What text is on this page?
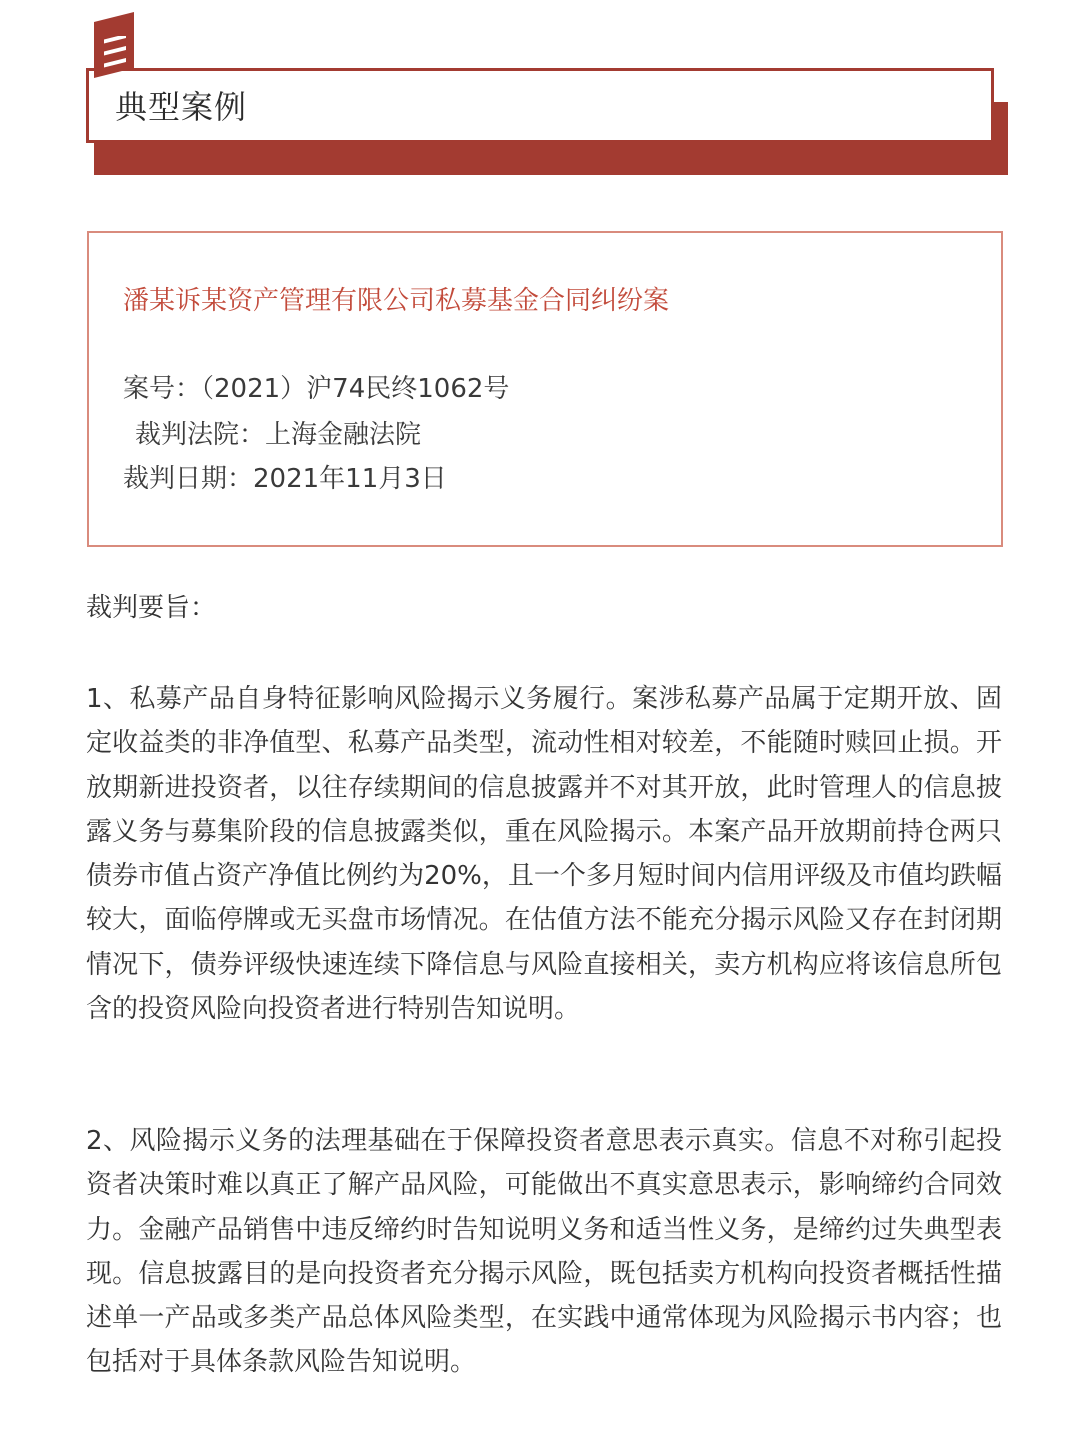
典型案例
潘某诉某资产管理有限公司私募基金合同纠纷案
案号：（2021）沪74民终1062号
裁判法院：上海金融法院
裁判日期：2021年11月3日
裁判要旨：

1、私募产品自身特征影响风险揭示义务履行。案涉私募产品属于定期开放、固定收益类的非净值型、私募产品类型，流动性相对较差，不能随时赎回止损。开放期新进投资者，以往存续期间的信息披露并不对其开放，此时管理人的信息披露义务与募集阶段的信息披露类似，重在风险揭示。本案产品开放期前持仓两只债券市值占资产净值比例约为20%，且一个多月短时间内信用评级及市值均跌幅较大，面临停牌或无买盘市场情况。在估值方法不能充分揭示风险又存在封闭期情况下，债券评级快速连续下降信息与风险直接相关，卖方机构应将该信息所包含的投资风险向投资者进行特别告知说明。

2、风险揭示义务的法理基础在于保障投资者意思表示真实。信息不对称引起投资者决策时难以真正了解产品风险，可能做出不真实意思表示，影响缔约合同效力。金融产品销售中违反缔约时告知说明义务和适当性义务，是缔约过失典型表现。信息披露目的是向投资者充分揭示风险，既包括卖方机构向投资者概括性描述单一产品或多类产品总体风险类型，在实践中通常体现为风险揭示书内容；也包括对于具体条款风险告知说明。
